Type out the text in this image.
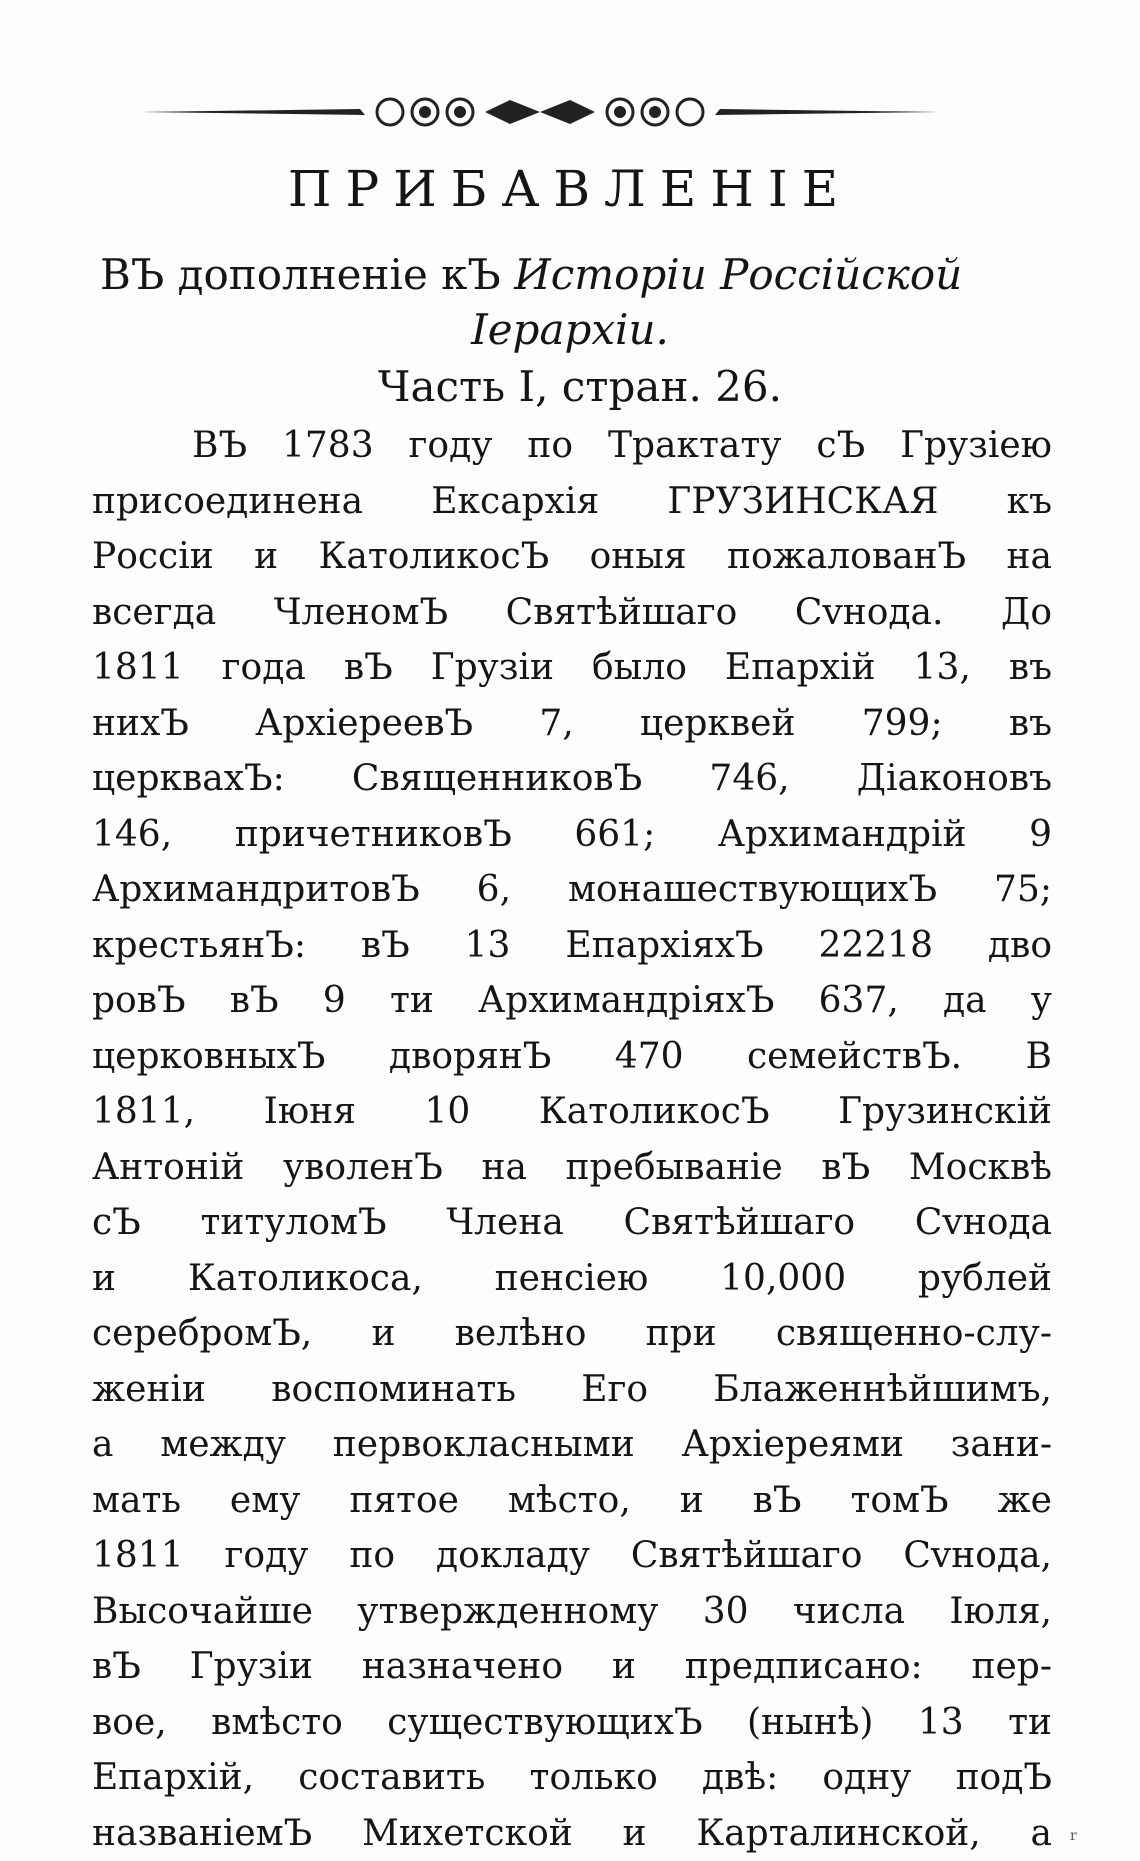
ПРИБАВЛЕНІЕ
ВЪ дополненіе кЪ Исторіи Россійской
Іерархіи.
Часть I, стран. 26.
ВЪ 1783 году по Трактату сЪ Грузіею
присоединена Ексархія ГРУЗИНСКАЯ къ
Россіи и КатоликосЪ оныя пожалованЪ на
всегда ЧленомЪ Святѣйшаго Сvнода. До
1811 года вЪ Грузіи было Епархій 13, въ
нихЪ АрхіереевЪ 7, церквей 799; въ
церквахЪ: СвященниковЪ 746, Діаконовъ
146, причетниковЪ 661; Архимандрій 9
АрхимандритовЪ 6, монашествующихЪ 75;
крестьянЪ: вЪ 13 ЕпархіяхЪ 22218 дво
ровЪ вЪ 9 ти АрхимандріяхЪ 637, да у
церковныхЪ дворянЪ 470 семействЪ. В
1811, Іюня 10 КатоликосЪ Грузинскій
Антоній уволенЪ на пребываніе вЪ Москвѣ
сЪ титуломЪ Члена Святѣйшаго Сvнода
и Католикоса, пенсіею 10,000 рублей
серебромЪ, и велѣно при священно-слу-
женіи воспоминать Его Блаженнѣйшимъ,
а между первокласными Архіереями зани-
мать ему пятое мѣсто, и вЪ томЪ же
1811 году по докладу Святѣйшаго Сvнода,
Высочайше утвержденному 30 числа Іюля,
вЪ Грузіи назначено и предписано: пер-
вое, вмѣсто существующихЪ (нынѣ) 13 ти
Епархій, составить только двѣ: одну подЪ
названіемЪ Михетской и Карталинской, а r
